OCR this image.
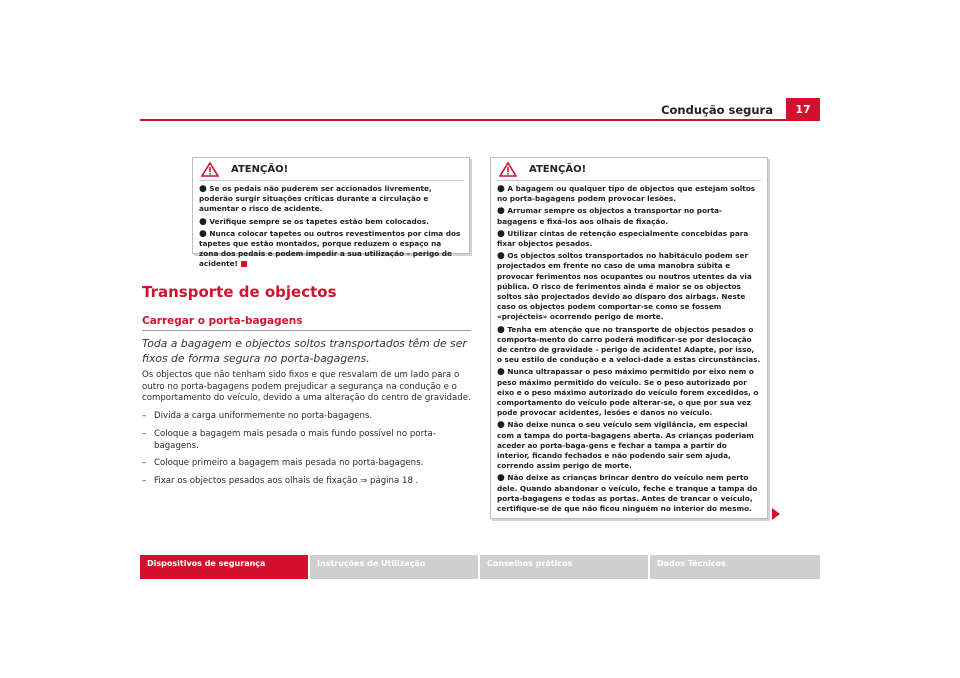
Condução segura	17
ATENÇÃO!
● Se os pedais não puderem ser accionados livremente, poderão surgir situações críticas durante a circulação e aumentar o risco de acidente.
● Verifique sempre se os tapetes estão bem colocados.
● Nunca colocar tapetes ou outros revestimentos por cima dos tapetes que estão montados, porque reduzem o espaço na zona dos pedais e podem impedir a sua utilização – perigo de acidente!
Transporte de objectos
Carregar o porta-bagagens
Toda a bagagem e objectos soltos transportados têm de ser fixos de forma segura no porta-bagagens.

Os objectos que não tenham sido fixos e que resvalam de um lado para o outro no porta-bagagens podem prejudicar a segurança na condução e o comportamento do veículo, devido a uma alteração do centro de gravidade.

– Divida a carga uniformemente no porta-bagagens.
– Coloque a bagagem mais pesada o mais fundo possível no porta-bagagens.
– Coloque primeiro a bagagem mais pesada no porta-bagagens.
– Fixar os objectos pesados aos olhais de fixação ⇒ página 18 .
ATENÇÃO!
● A bagagem ou qualquer tipo de objectos que estejam soltos no porta-bagagens podem provocar lesões.
● Arrumar sempre os objectos a transportar no porta-bagagens e fixá-los aos olhais de fixação.
● Utilizar cintas de retenção especialmente concebidas para fixar objectos pesados.
● Os objectos soltos transportados no habitáculo podem ser projectados em frente no caso de uma manobra súbita e provocar ferimentos nos ocupantes ou noutros utentes da via pública. O risco de ferimentos ainda é maior se os objectos soltos são projectados devido ao disparo dos airbags. Neste caso os objectos podem comportar-se como se fossem «projécteis» ocorrendo perigo de morte.
● Tenha em atenção que no transporte de objectos pesados o comporta-mento do carro poderá modificar-se por deslocação de centro de gravidade - perigo de acidente! Adapte, por isso, o seu estilo de condução e a veloci-dade a estas circunstâncias.
● Nunca ultrapassar o peso máximo permitido por eixo nem o peso máximo permitido do veículo. Se o peso autorizado por eixo e o peso máximo autorizado do veículo forem excedidos, o comportamento do veículo pode alterar-se, o que por sua vez pode provocar acidentes, lesões e danos no veículo.
● Não deixe nunca o seu veículo sem vigilância, em especial com a tampa do porta-bagagens aberta. As crianças poderiam aceder ao porta-baga-gens e fechar a tampa a partir do interior, ficando fechados e não podendo sair sem ajuda, correndo assim perigo de morte.
● Não deixe as crianças brincar dentro do veículo nem perto dele. Quando abandonar o veículo, feche e tranque a tampa do porta-bagagens e todas as portas. Antes de trancar o veículo, certifique-se de que não ficou ninguém no interior do mesmo.
Dispositivos de segurança	Instruções de Utilização	Conselhos práticos	Dados Técnicos
